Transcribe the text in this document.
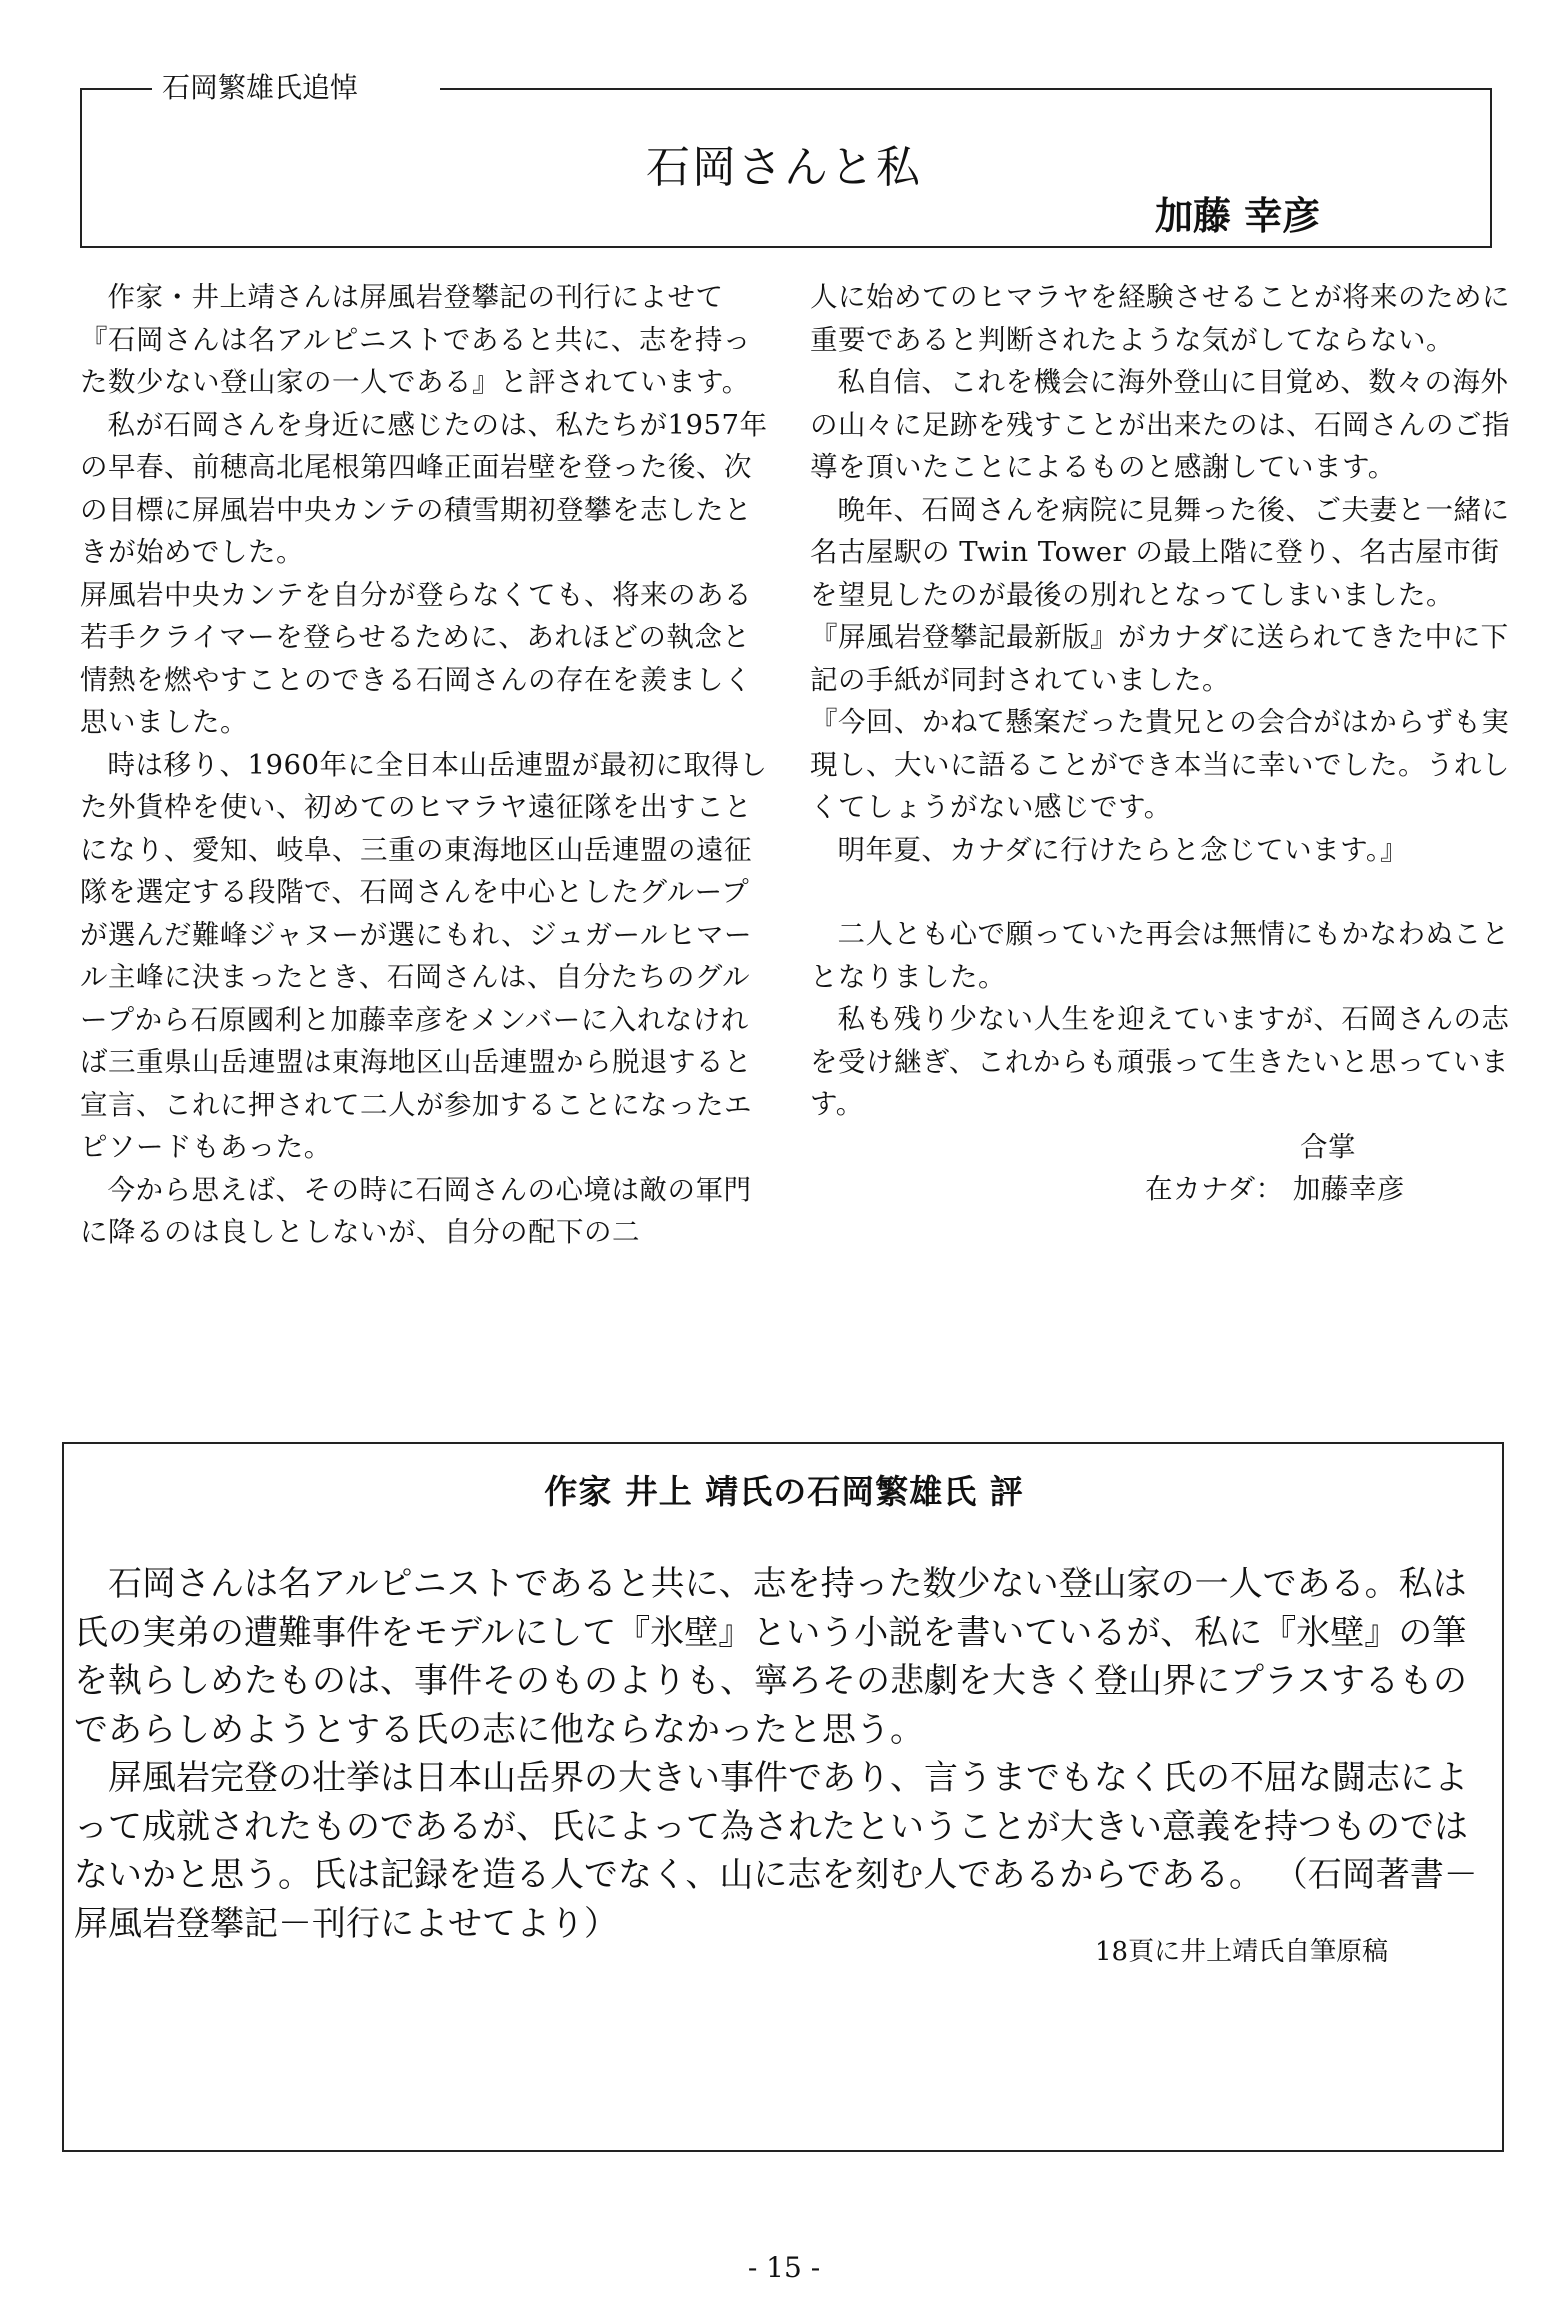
石岡繁雄氏追悼
石岡さんと私
加藤 幸彦

作家・井上靖さんは屏風岩登攀記の刊行によせて『石岡さんは名アルピニストであると共に、志を持った数少ない登山家の一人である』と評されています。

私が石岡さんを身近に感じたのは、私たちが1957年の早春、前穂高北尾根第四峰正面岩壁を登った後、次の目標に屏風岩中央カンテの積雪期初登攀を志したときが始めでした。

屏風岩中央カンテを自分が登らなくても、将来のある若手クライマーを登らせるために、あれほどの執念と情熱を燃やすことのできる石岡さんの存在を羨ましく思いました。

時は移り、1960年に全日本山岳連盟が最初に取得した外貨枠を使い、初めてのヒマラヤ遠征隊を出すことになり、愛知、岐阜、三重の東海地区山岳連盟の遠征隊を選定する段階で、石岡さんを中心としたグループが選んだ難峰ジャヌーが選にもれ、ジュガールヒマール主峰に決まったとき、石岡さんは、自分たちのグループから石原國利と加藤幸彦をメンバーに入れなければ三重県山岳連盟は東海地区山岳連盟から脱退すると宣言、これに押されて二人が参加することになったエピソードもあった。

今から思えば、その時に石岡さんの心境は敵の軍門に降るのは良しとしないが、自分の配下の二

人に始めてのヒマラヤを経験させることが将来のために重要であると判断されたような気がしてならない。

私自信、これを機会に海外登山に目覚め、数々の海外の山々に足跡を残すことが出来たのは、石岡さんのご指導を頂いたことによるものと感謝しています。

晩年、石岡さんを病院に見舞った後、ご夫妻と一緒に名古屋駅の Twin Tower の最上階に登り、名古屋市街を望見したのが最後の別れとなってしまいました。

『屏風岩登攀記最新版』がカナダに送られてきた中に下記の手紙が同封されていました。

『今回、かねて懸案だった貴兄との会合がはからずも実現し、大いに語ることができ本当に幸いでした。うれしくてしょうがない感じです。

明年夏、カナダに行けたらと念じています。』

二人とも心で願っていた再会は無情にもかなわぬこととなりました。

私も残り少ない人生を迎えていますが、石岡さんの志を受け継ぎ、これからも頑張って生きたいと思っています。

合掌

在カナダ： 加藤幸彦

作家 井上 靖氏の石岡繁雄氏 評

石岡さんは名アルピニストであると共に、志を持った数少ない登山家の一人である。私は氏の実弟の遭難事件をモデルにして『氷壁』という小説を書いているが、私に『氷壁』の筆を執らしめたものは、事件そのものよりも、寧ろその悲劇を大きく登山界にプラスするものであらしめようとする氏の志に他ならなかったと思う。

屏風岩完登の壮挙は日本山岳界の大きい事件であり、言うまでもなく氏の不屈な闘志によって成就されたものであるが、氏によって為されたということが大きい意義を持つものではないかと思う。氏は記録を造る人でなく、山に志を刻む人であるからである。 （石岡著書－屏風岩登攀記－刊行によせてより）

18頁に井上靖氏自筆原稿
- 15 -
